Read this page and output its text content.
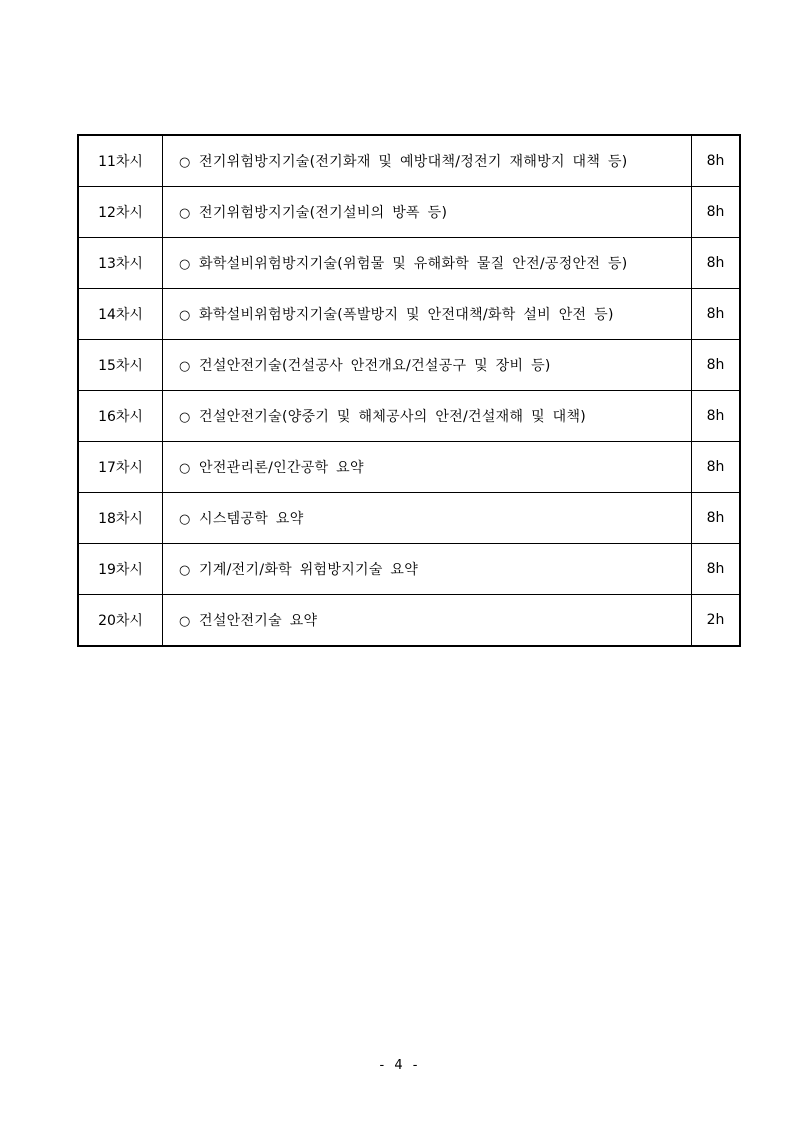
11차시	○ 전기위험방지기술(전기화재 및 예방대책/정전기 재해방지 대책 등)	8h
12차시	○ 전기위험방지기술(전기설비의 방폭 등)	8h
13차시	○ 화학설비위험방지기술(위험물 및 유해화학 물질 안전/공정안전 등)	8h
14차시	○ 화학설비위험방지기술(폭발방지 및 안전대책/화학 설비 안전 등)	8h
15차시	○ 건설안전기술(건설공사 안전개요/건설공구 및 장비 등)	8h
16차시	○ 건설안전기술(양중기 및 해체공사의 안전/건설재해 및 대책)	8h
17차시	○ 안전관리론/인간공학 요약	8h
18차시	○ 시스템공학 요약	8h
19차시	○ 기계/전기/화학 위험방지기술 요약	8h
20차시	○ 건설안전기술 요약	2h
- 4 -
